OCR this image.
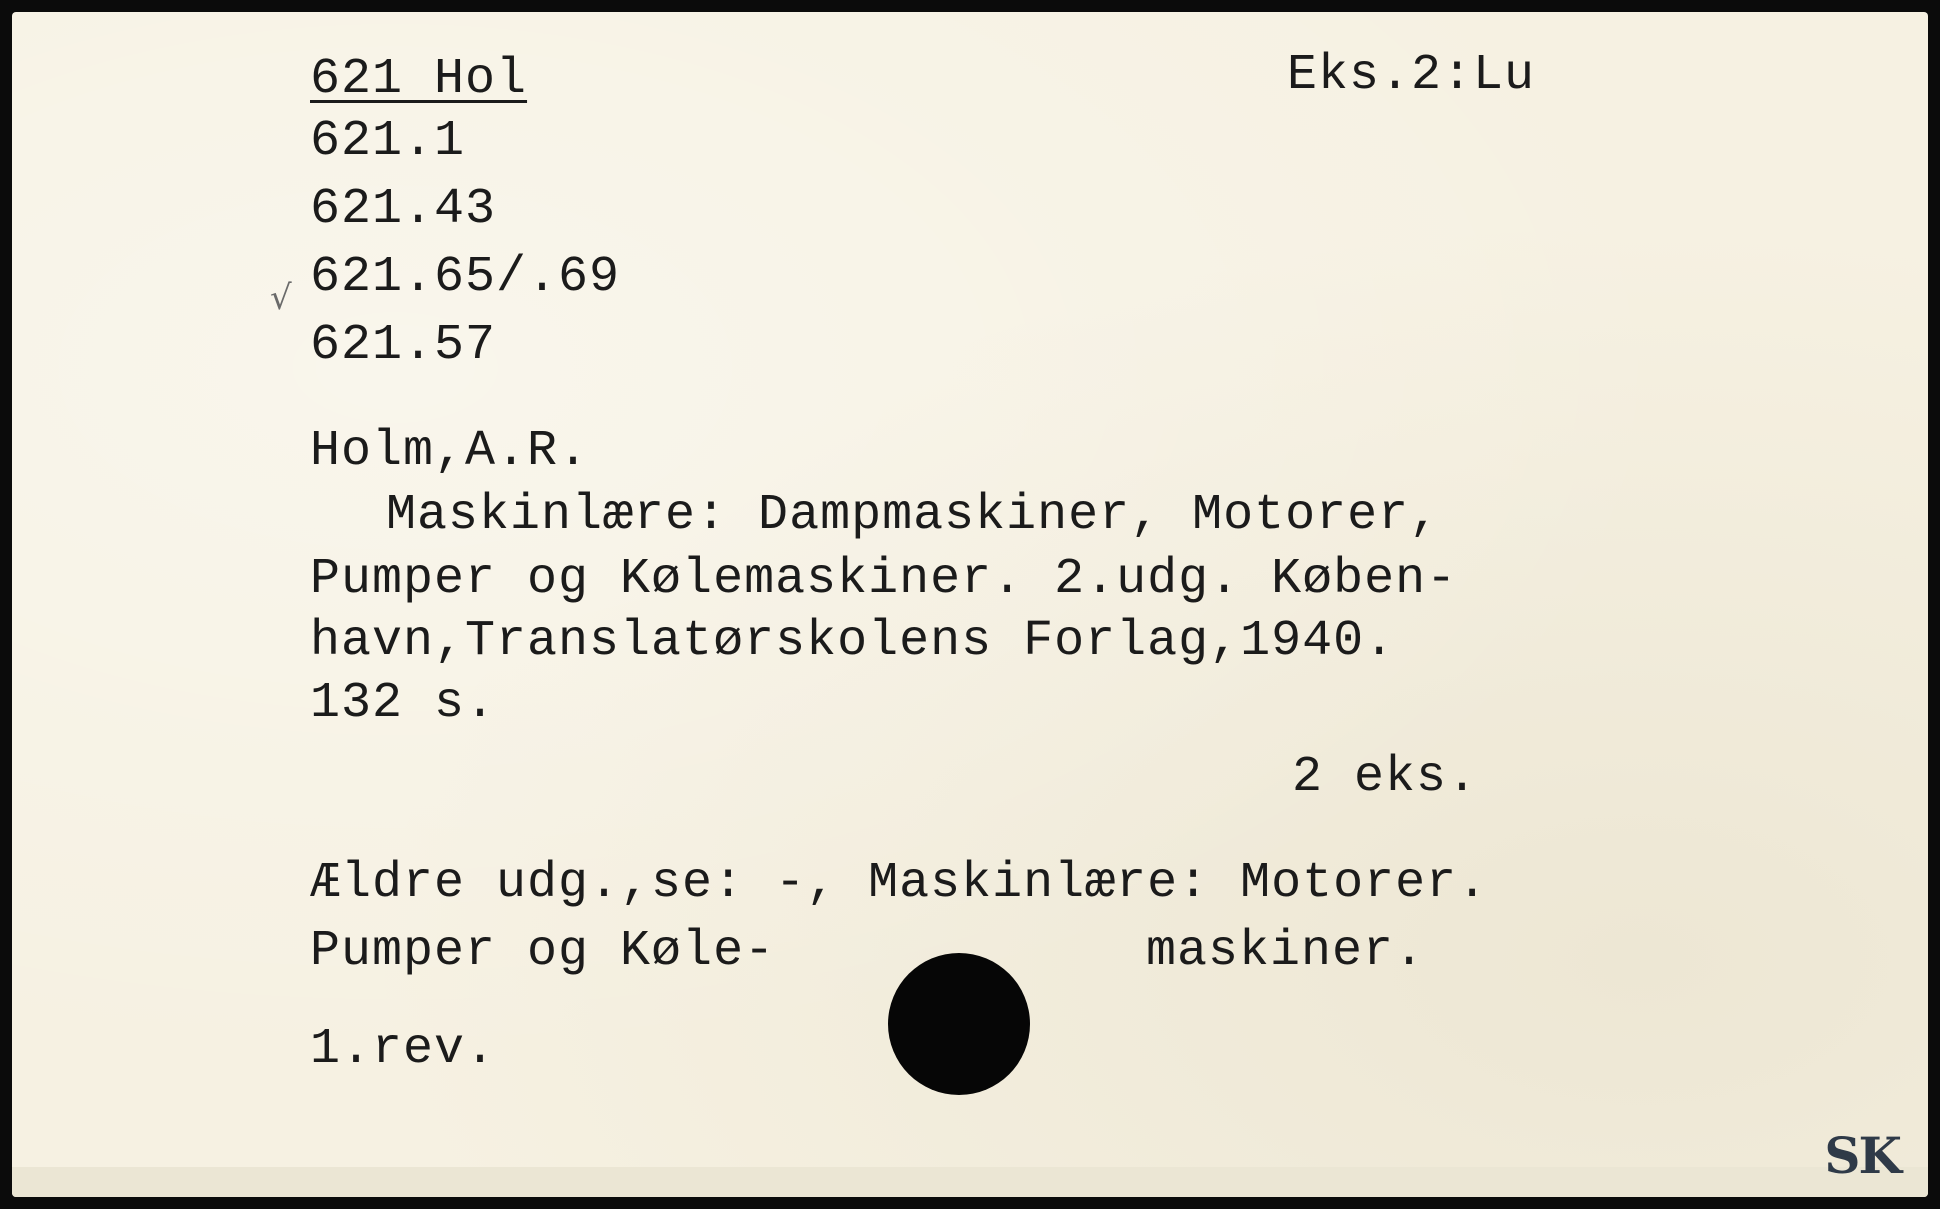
621 Hol	Eks.2:Lu
621.1
621.43
√ 621.65/.69
621.57
Holm,A.R.
Maskinlære: Dampmaskiner, Motorer,
Pumper og Kølemaskiner. 2.udg. Køben-
havn,Translatørskolens Forlag,1940.
132 s.
2 eks.
Ældre udg.,se: -, Maskinlære: Motorer.
Pumper og Køle-	maskiner.
1.rev.
SK
